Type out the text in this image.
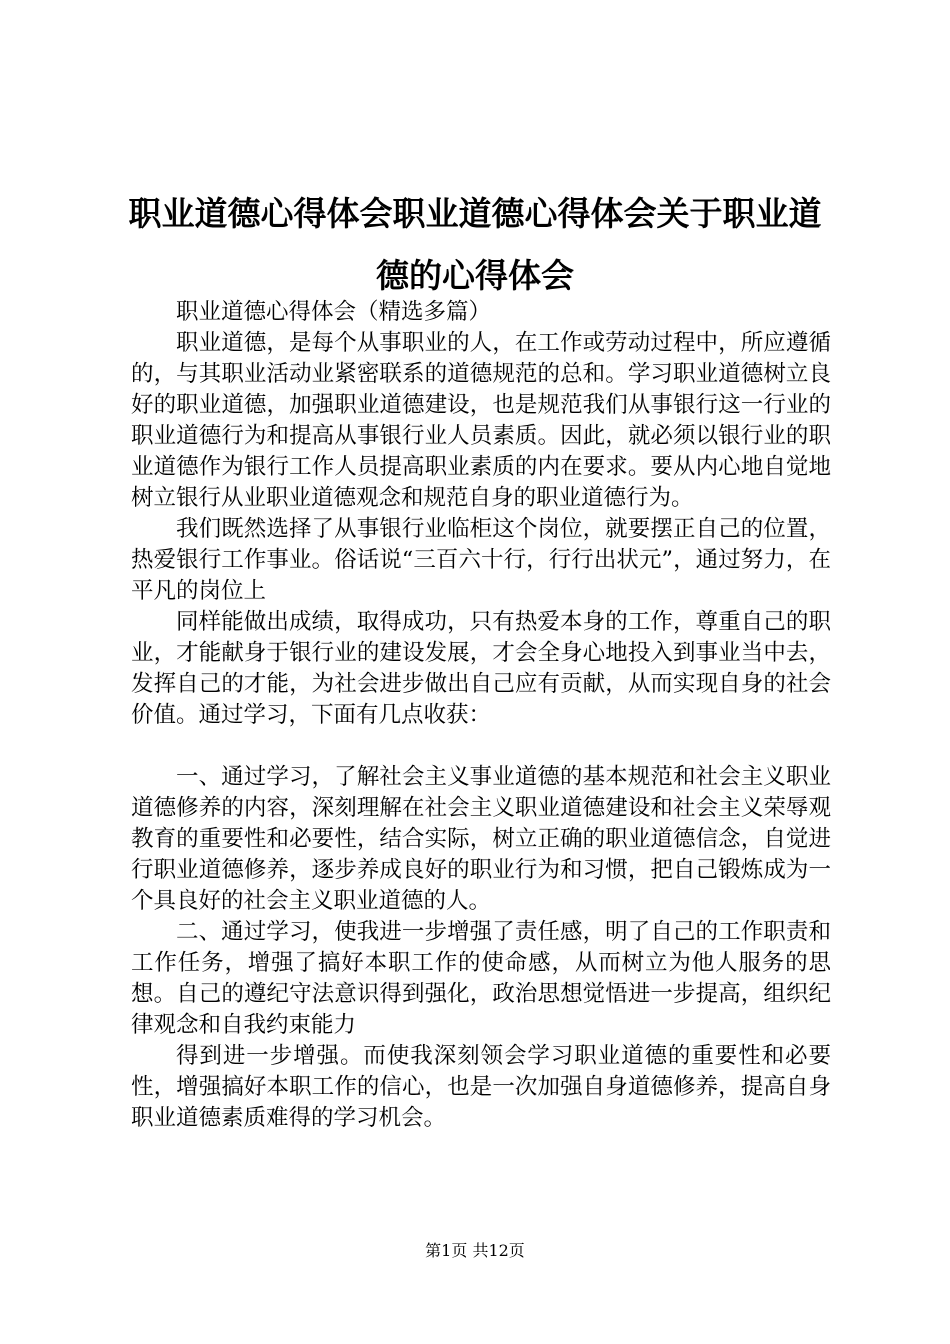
职业道德心得体会职业道德心得体会关于职业道德的心得体会

职业道德心得体会（精选多篇）

职业道德，是每个从事职业的人，在工作或劳动过程中，所应遵循的，与其职业活动业紧密联系的道德规范的总和。学习职业道德树立良好的职业道德，加强职业道德建设，也是规范我们从事银行这一行业的职业道德行为和提高从事银行业人员素质。因此，就必须以银行业的职业道德作为银行工作人员提高职业素质的内在要求。要从内心地自觉地树立银行从业职业道德观念和规范自身的职业道德行为。

我们既然选择了从事银行业临柜这个岗位，就要摆正自己的位置，热爱银行工作事业。俗话说“三百六十行，行行出状元”，通过努力，在平凡的岗位上

同样能做出成绩，取得成功，只有热爱本身的工作，尊重自己的职业，才能献身于银行业的建设发展，才会全身心地投入到事业当中去，发挥自己的才能，为社会进步做出自己应有贡献，从而实现自身的社会价值。通过学习，下面有几点收获：

一、通过学习，了解社会主义事业道德的基本规范和社会主义职业道德修养的内容，深刻理解在社会主义职业道德建设和社会主义荣辱观教育的重要性和必要性，结合实际，树立正确的职业道德信念，自觉进行职业道德修养，逐步养成良好的职业行为和习惯，把自己锻炼成为一个具良好的社会主义职业道德的人。

二、通过学习，使我进一步增强了责任感，明了自己的工作职责和工作任务，增强了搞好本职工作的使命感，从而树立为他人服务的思想。自己的遵纪守法意识得到强化，政治思想觉悟进一步提高，组织纪律观念和自我约束能力

得到进一步增强。而使我深刻领会学习职业道德的重要性和必要性，增强搞好本职工作的信心，也是一次加强自身道德修养，提高自身职业道德素质难得的学习机会。

第1页 共12页
